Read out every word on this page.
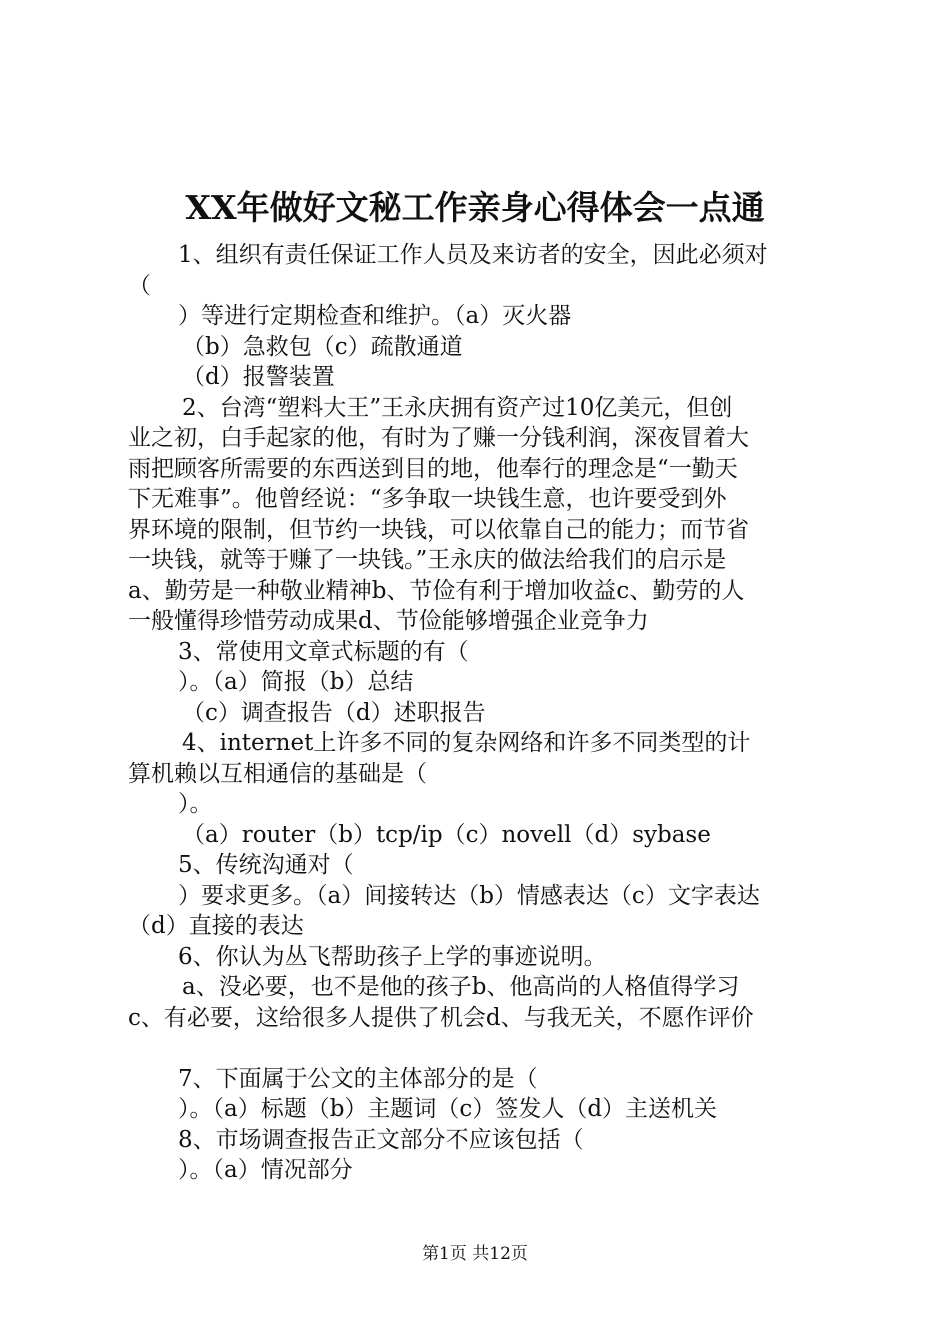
XX年做好文秘工作亲身心得体会一点通
1、组织有责任保证工作人员及来访者的安全，因此必须对
（
）等进行定期检查和维护。（a）灭火器
（b）急救包（c）疏散通道
（d）报警装置
2、台湾“塑料大王”王永庆拥有资产过10亿美元，但创
业之初，白手起家的他，有时为了赚一分钱利润，深夜冒着大
雨把顾客所需要的东西送到目的地，他奉行的理念是“一勤天
下无难事”。他曾经说：“多争取一块钱生意，也许要受到外
界环境的限制，但节约一块钱，可以依靠自己的能力；而节省
一块钱，就等于赚了一块钱。”王永庆的做法给我们的启示是
a、勤劳是一种敬业精神b、节俭有利于增加收益c、勤劳的人
一般懂得珍惜劳动成果d、节俭能够增强企业竞争力
3、常使用文章式标题的有（
）。（a）简报（b）总结
（c）调查报告（d）述职报告
4、internet上许多不同的复杂网络和许多不同类型的计
算机赖以互相通信的基础是（
）。
（a）router（b）tcp/ip（c）novell（d）sybase
5、传统沟通对（
）要求更多。（a）间接转达（b）情感表达（c）文字表达
（d）直接的表达
6、你认为丛飞帮助孩子上学的事迹说明。
a、没必要，也不是他的孩子b、他高尚的人格值得学习
c、有必要，这给很多人提供了机会d、与我无关，不愿作评价
7、下面属于公文的主体部分的是（
）。（a）标题（b）主题词（c）签发人（d）主送机关
8、市场调查报告正文部分不应该包括（
）。（a）情况部分
第1页 共12页
